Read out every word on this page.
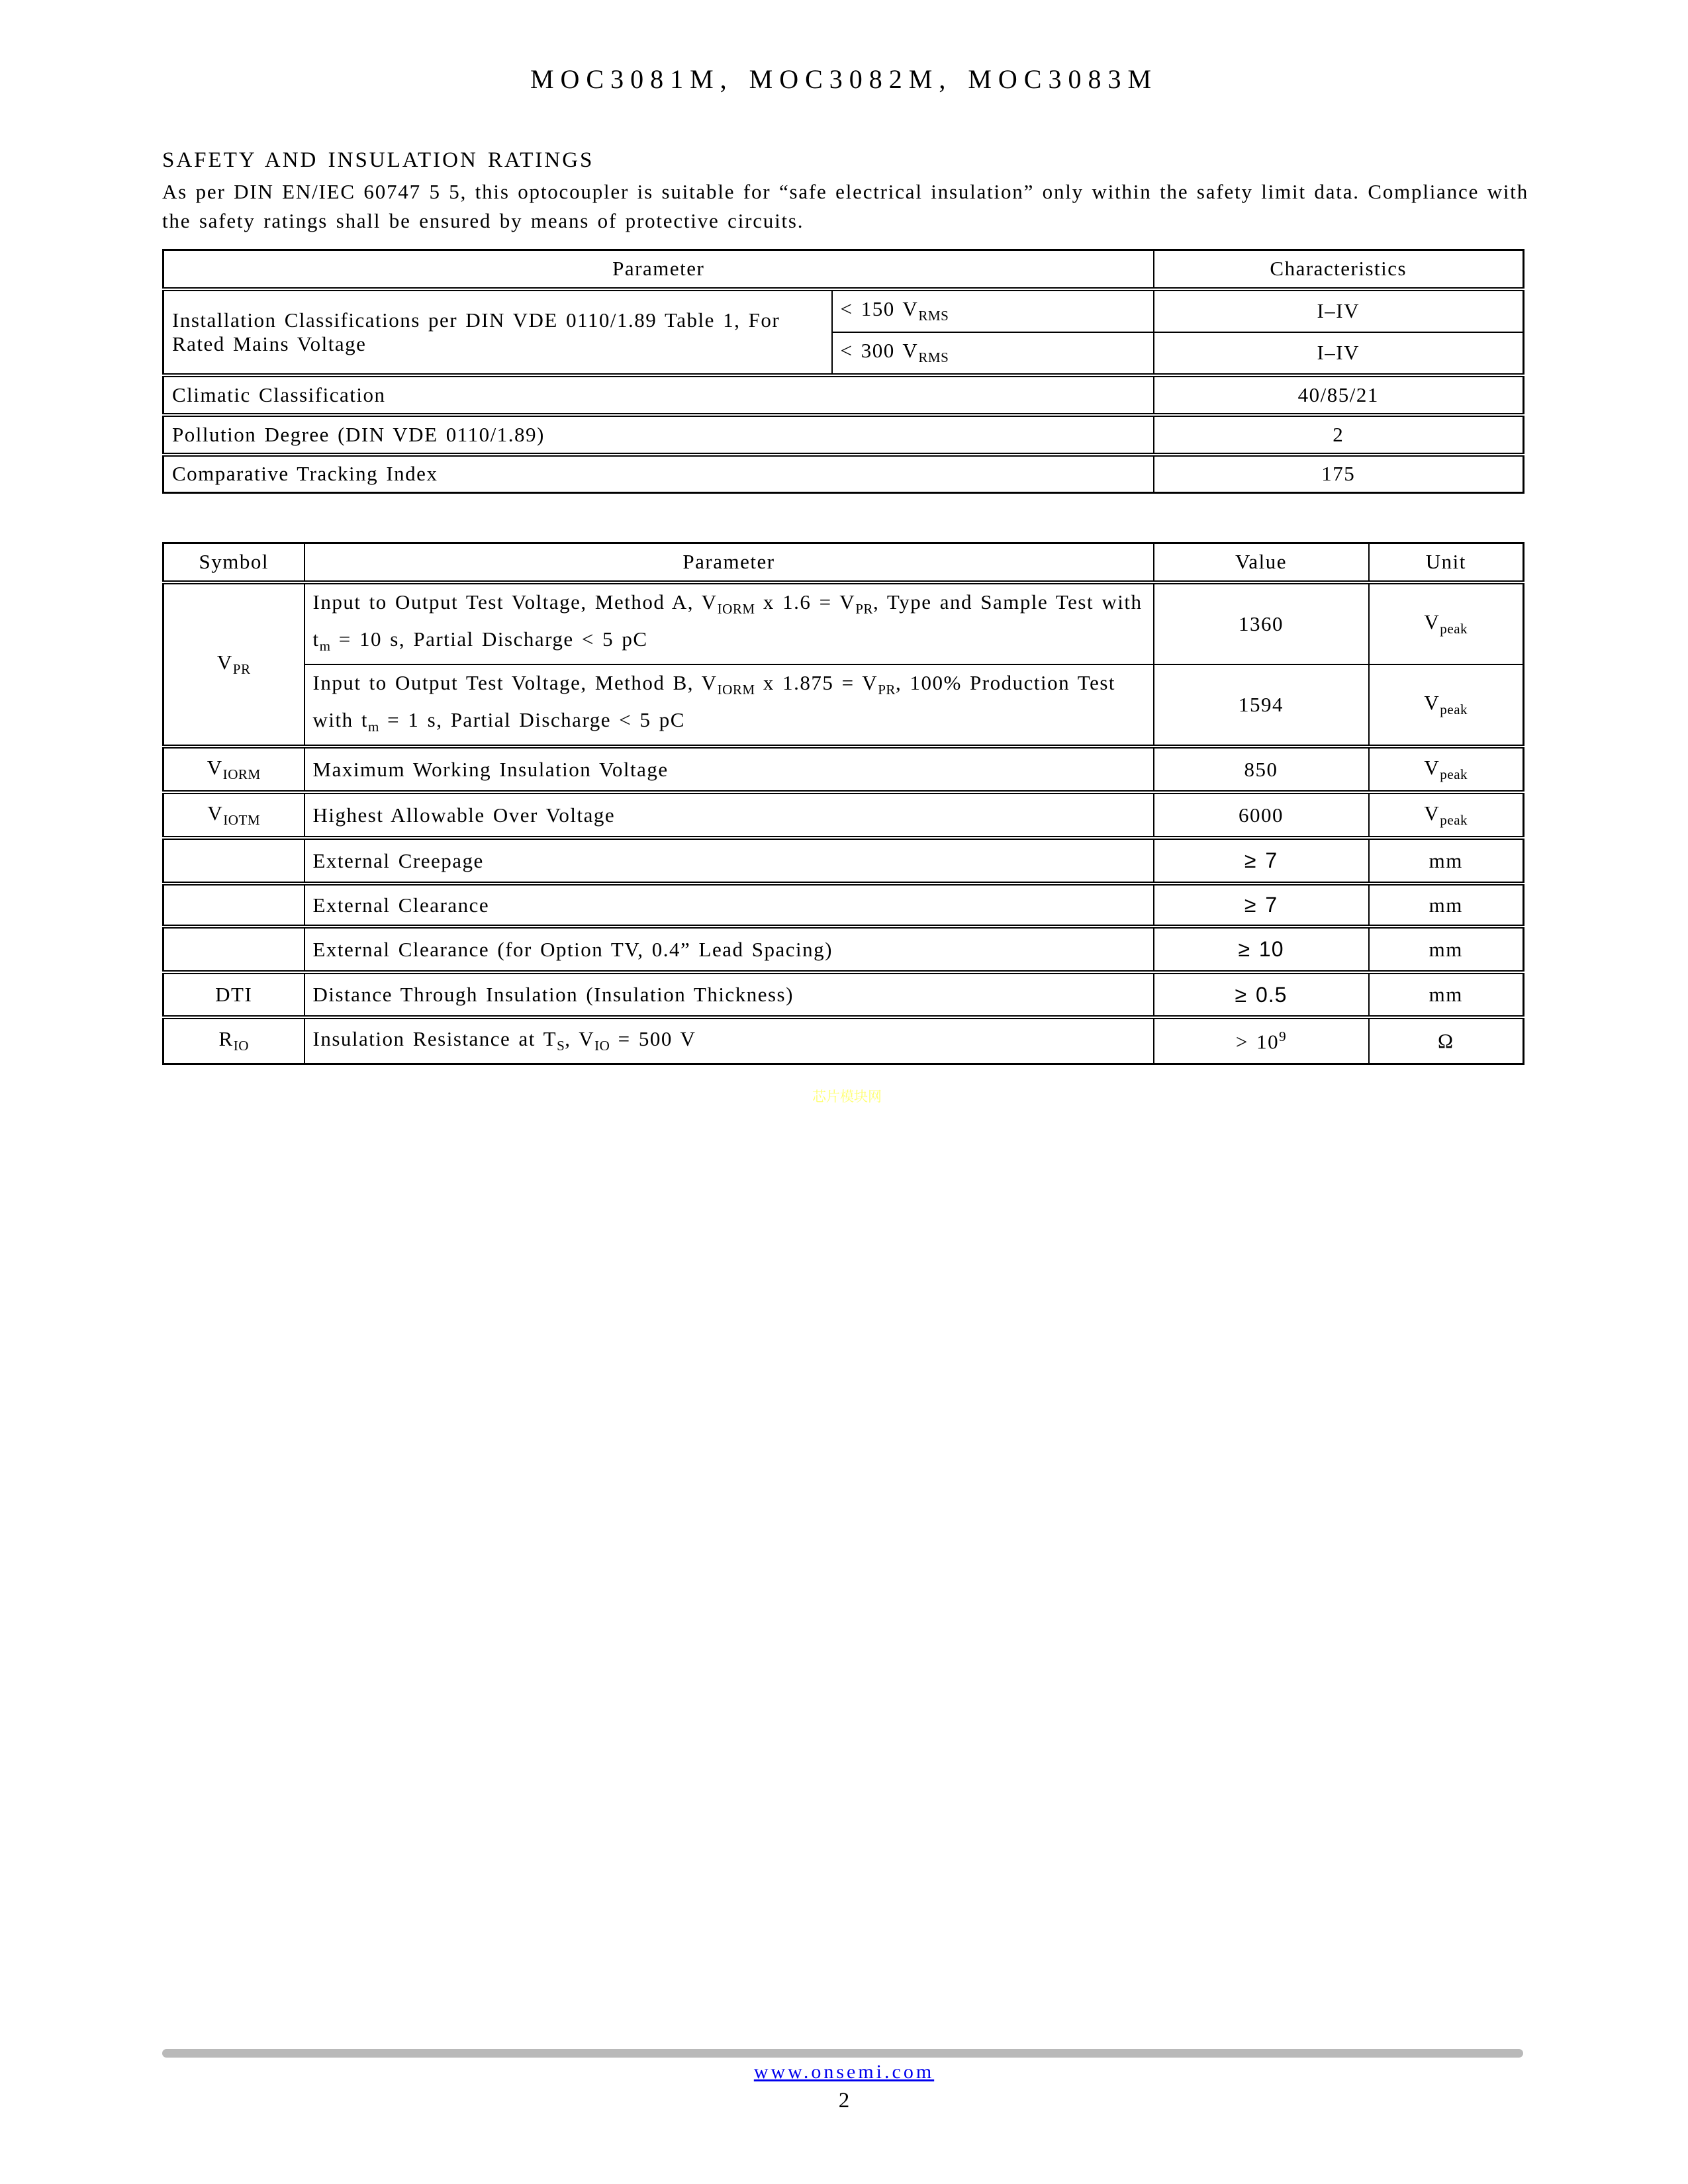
MOC3081M, MOC3082M, MOC3083M
SAFETY AND INSULATION RATINGS
As per DIN EN/IEC 60747 5 5, this optocoupler is suitable for “safe electrical insulation” only within the safety limit data. Compliance with the safety ratings shall be ensured by means of protective circuits.
Parameter		Characteristics
Installation Classifications per DIN VDE 0110/1.89 Table 1, For Rated Mains Voltage	< 150 $V_{RMS}$	I–IV
	< 300 $V_{RMS}$	I–IV
Climatic Classification		40/85/21
Pollution Degree (DIN VDE 0110/1.89)		2
Comparative Tracking Index		175
Symbol	Parameter	Value	Unit
$V_{PR}$	Input to Output Test Voltage, Method A, $V_{IORM}$ x $1.6 = V_{PR}$, Type and Sample Test with $t_m = 10$ s, Partial Discharge < 5 pC	1360	$V_{peak}$
	Input to Output Test Voltage, Method B, $V_{IORM}$ x $1.875 = V_{PR}$, 100% Production Test with $t_m = 1$ s, Partial Discharge < 5 pC	1594	$V_{peak}$
$V_{IORM}$	Maximum Working Insulation Voltage	850	$V_{peak}$
$V_{IOTM}$	Highest Allowable Over Voltage	6000	$V_{peak}$
	External Creepage	≥ 7	mm
	External Clearance	≥ 7	mm
	External Clearance (for Option TV, 0.4” Lead Spacing)	≥ 10	mm
DTI	Distance Through Insulation (Insulation Thickness)	≥ 0.5	mm
$R_{IO}$	Insulation Resistance at $T_S$, $V_{IO} = 500$ V	> $10^9$	Ω
芯片模块网
www.onsemi.com
2
